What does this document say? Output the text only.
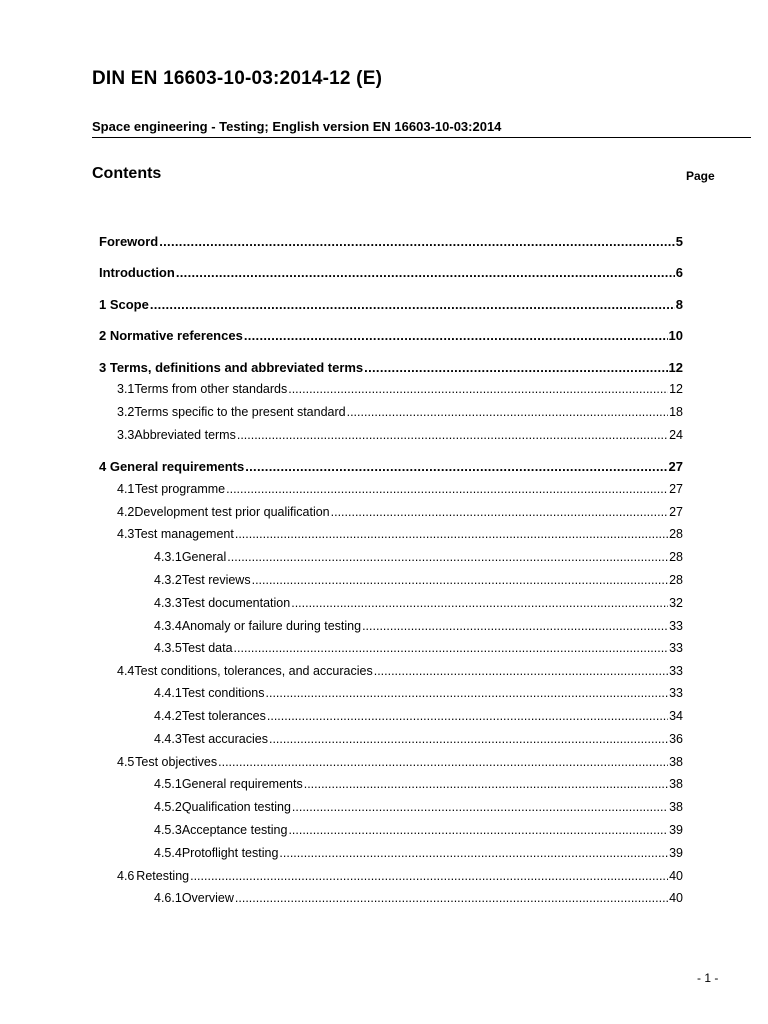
DIN EN 16603-10-03:2014-12 (E)
Space engineering - Testing; English version EN 16603-10-03:2014
Contents	Page
Foreword .....	5
Introduction .....	6
1 Scope .....	8
2 Normative references .....	10
3 Terms, definitions and abbreviated terms .....	12
3.1 Terms from other standards .....	12
3.2 Terms specific to the present standard .....	18
3.3 Abbreviated terms .....	24
4 General requirements .....	27
4.1 Test programme .....	27
4.2 Development test prior qualification .....	27
4.3 Test management .....	28
4.3.1 General .....	28
4.3.2 Test reviews .....	28
4.3.3 Test documentation .....	32
4.3.4 Anomaly or failure during testing .....	33
4.3.5 Test data .....	33
4.4 Test conditions, tolerances, and accuracies .....	33
4.4.1 Test conditions .....	33
4.4.2 Test tolerances .....	34
4.4.3 Test accuracies .....	36
4.5 Test objectives .....	38
4.5.1 General requirements .....	38
4.5.2 Qualification testing .....	38
4.5.3 Acceptance testing .....	39
4.5.4 Protoflight testing .....	39
4.6 Retesting .....	40
4.6.1 Overview .....	40
- 1 -
